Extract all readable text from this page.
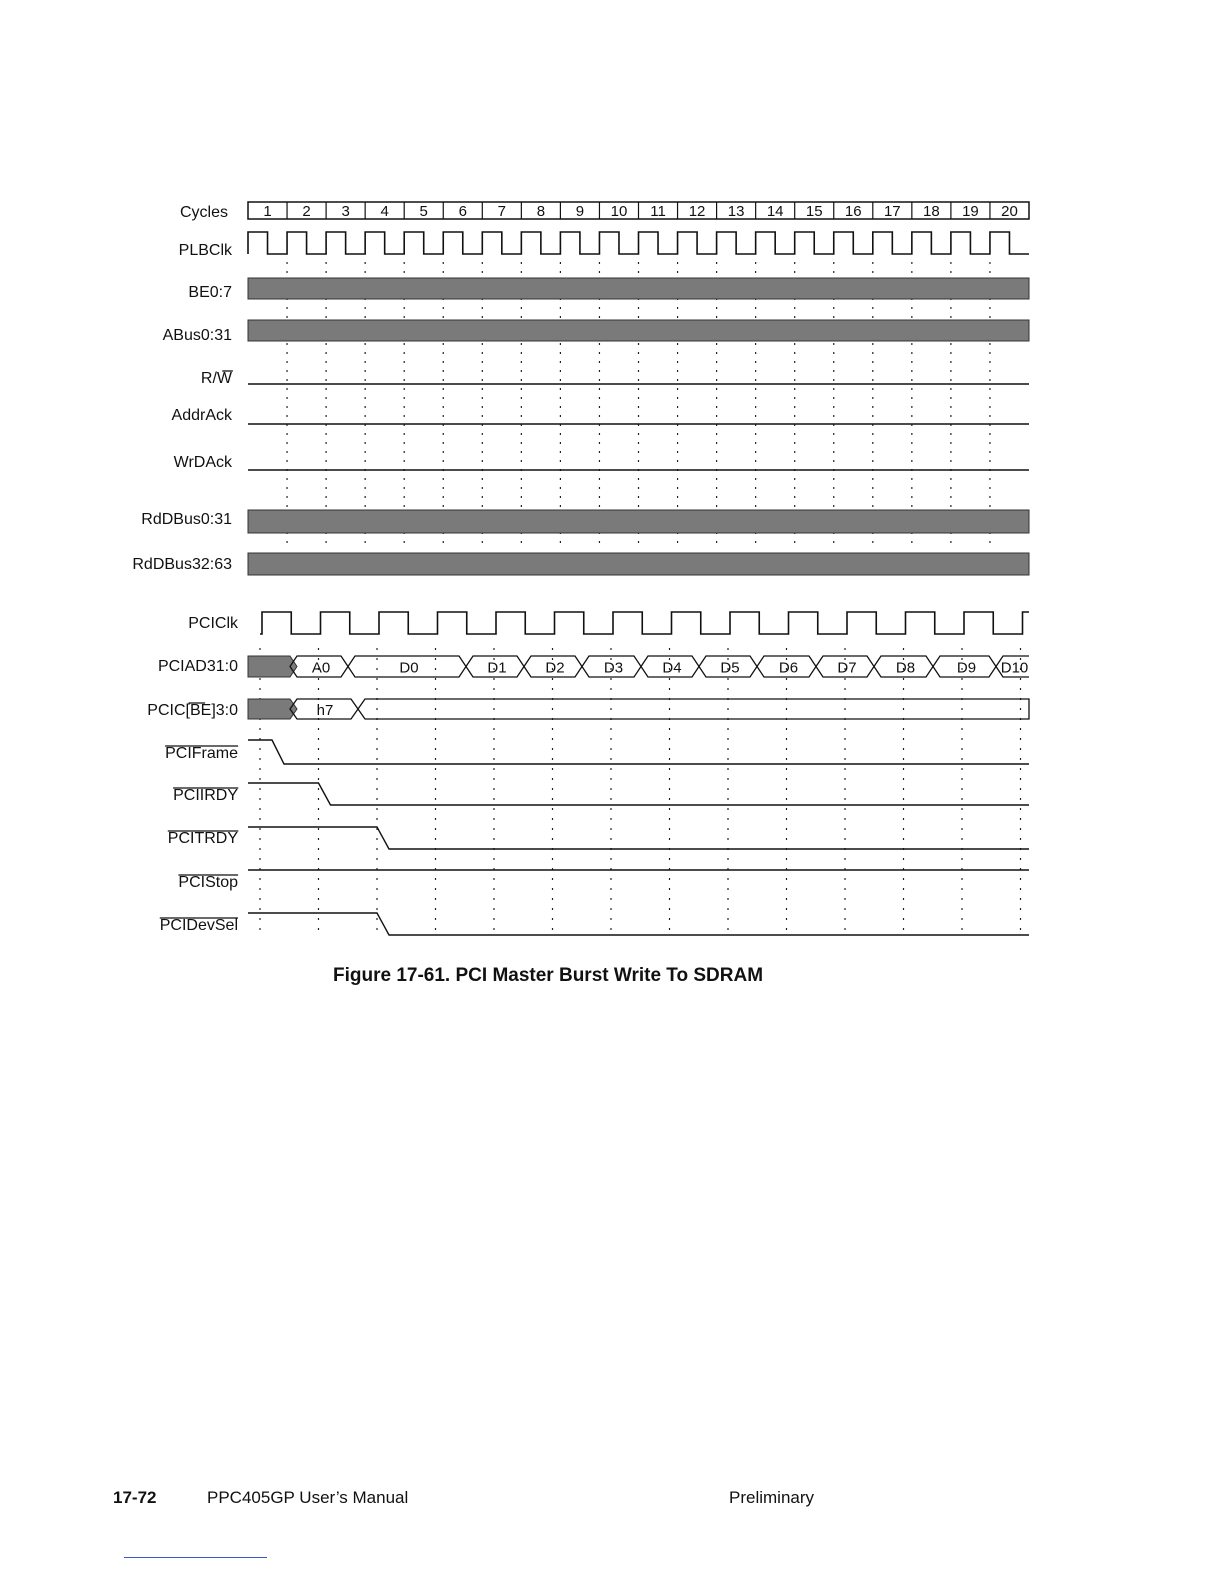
Cycles 1 2 3 4 5 6 7 8 9 10 11 12 13 14 15 16 17 18 19 20
PLBClk
BE0:7
ABus0:31
R/W
AddrAck
WrDAck
RdDBus0:31
RdDBus32:63
PCIClk
PCIAD31:0	A0	D0	D1	D2	D3	D4	D5	D6	D7	D8	D9 D10
PCIC[BE]3:0	h7
PCIFrame
PCIIRDY
PCITRDY
PCIStop
PCIDevSel
Figure 17-61. PCI Master Burst Write To SDRAM
17-72	PPC405GP User’s Manual	Preliminary
